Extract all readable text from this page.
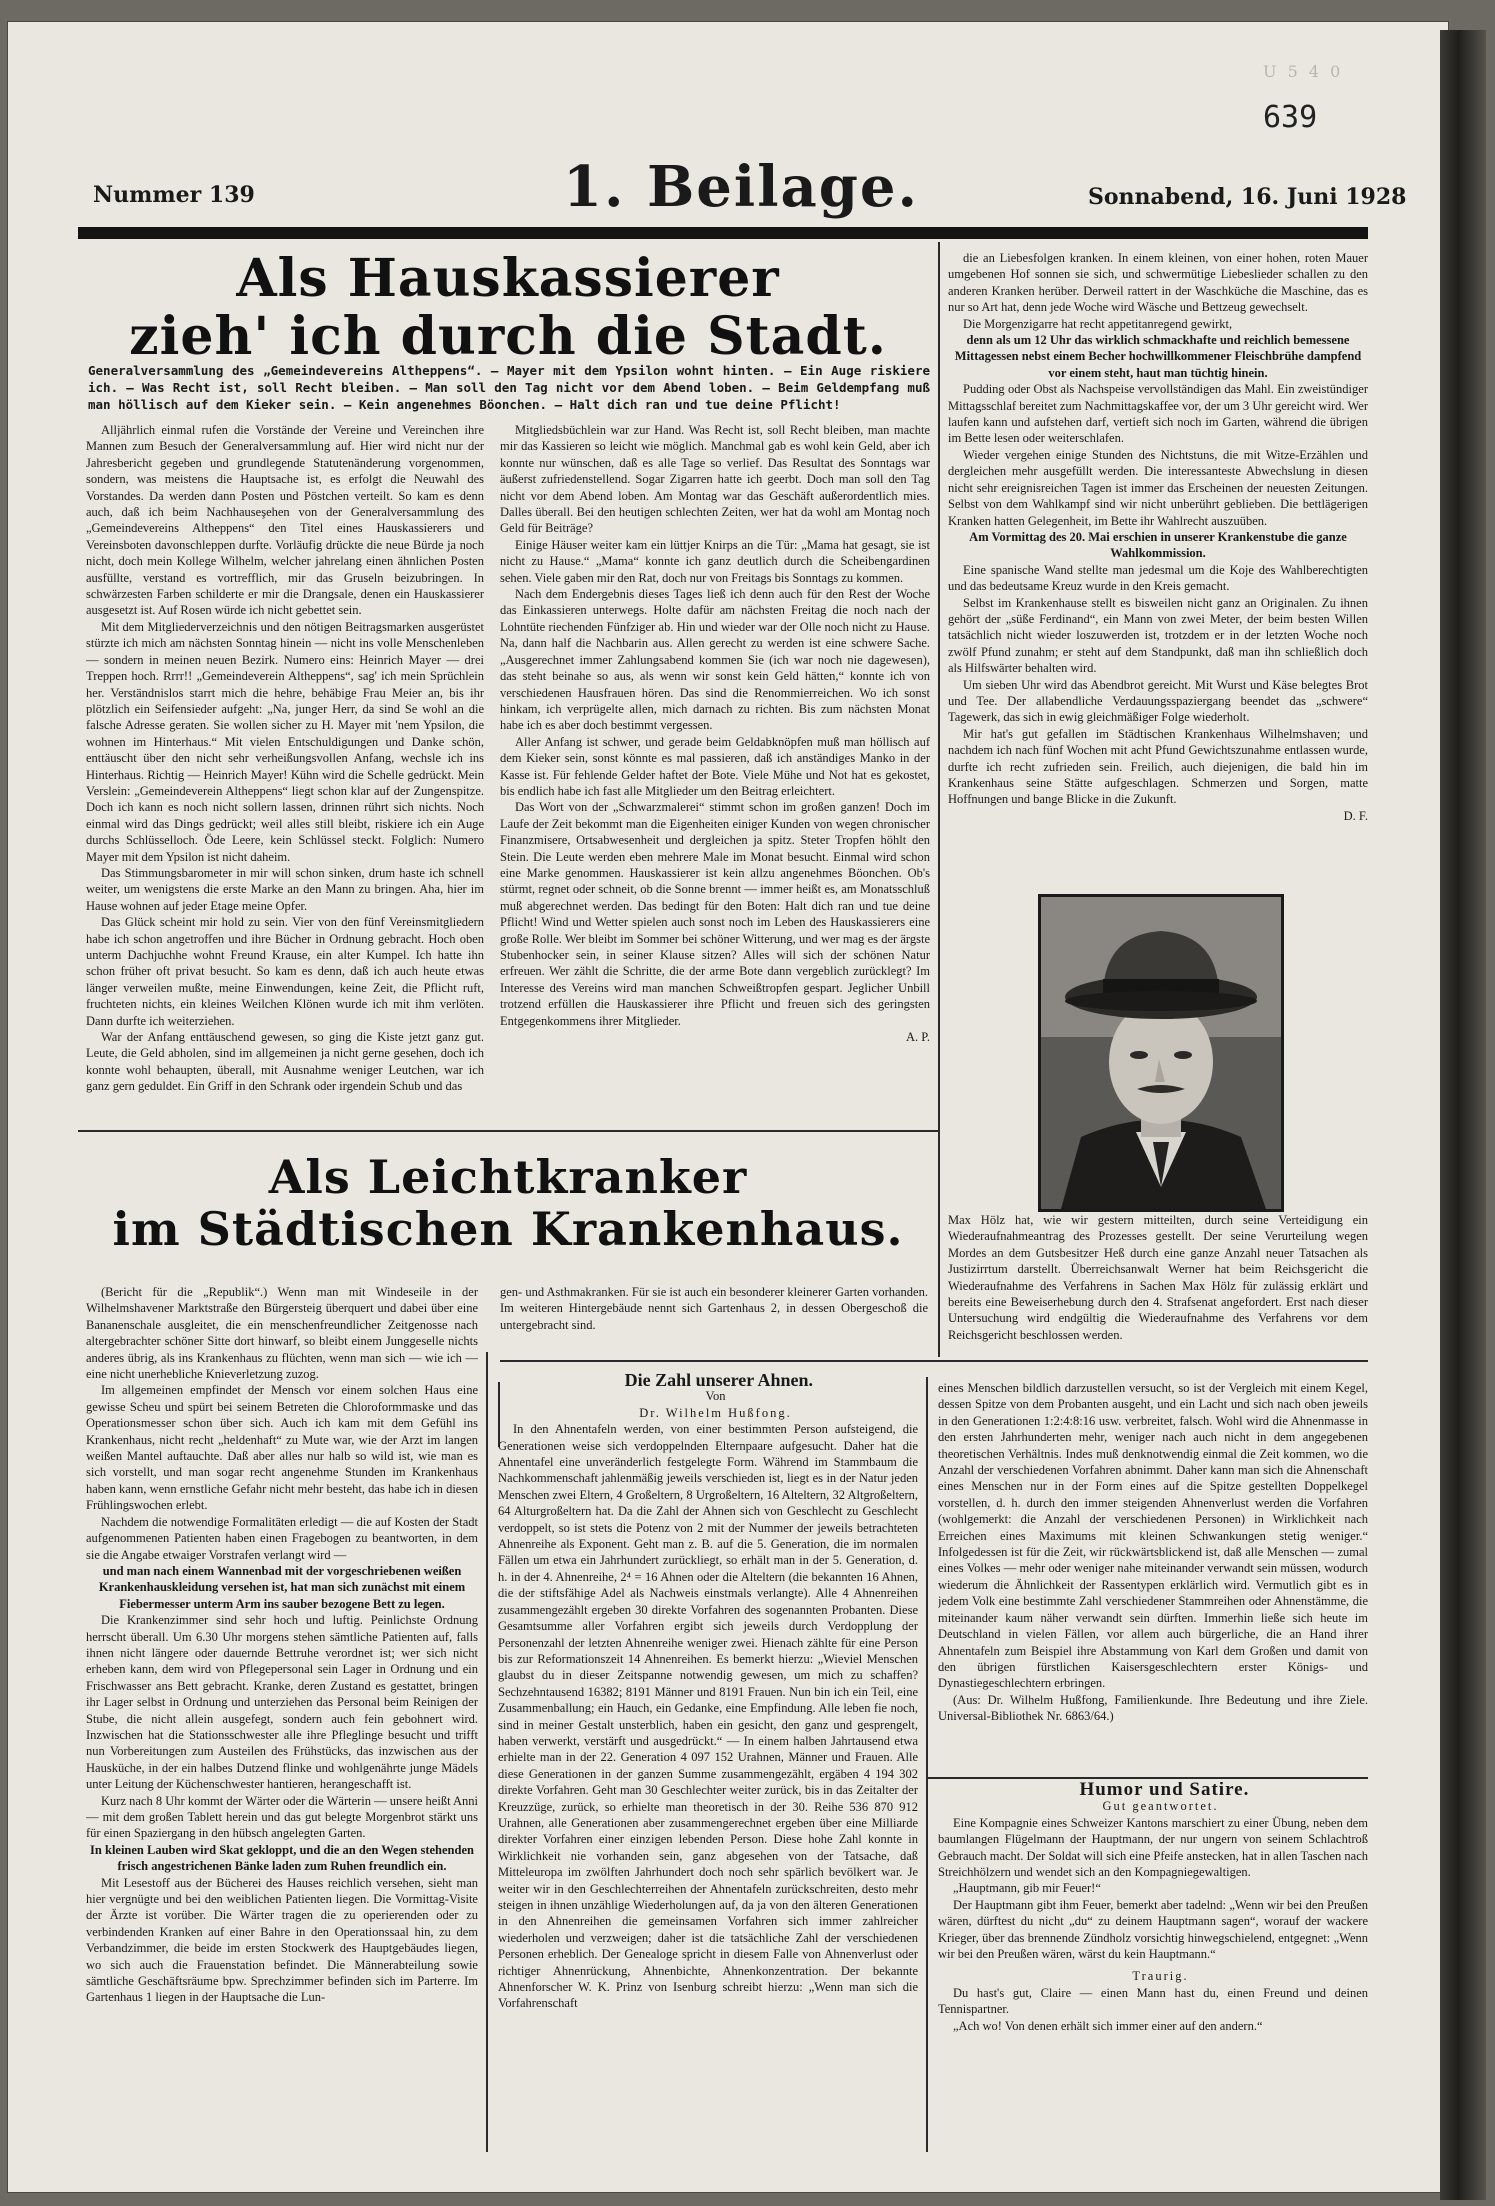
U 5 4 0
639
Nummer 139	1. Beilage.	Sonnabend, 16. Juni 1928
Als Hauskassierer
zieh' ich durch die Stadt.
Generalversammlung des „Gemeindevereins Altheppens“. — Mayer mit dem Ypsilon wohnt hinten. — Ein Auge riskiere ich. — Was Recht ist, soll Recht bleiben. — Man soll den Tag nicht vor dem Abend loben. — Beim Geldempfang muß man höllisch auf dem Kieker sein. — Kein angenehmes Böonchen. — Halt dich ran und tue deine Pflicht!

Alljährlich einmal rufen die Vorstände der Vereine und Vereinchen ihre Mannen zum Besuch der Generalversammlung auf. Hier wird nicht nur der Jahresbericht gegeben und grundlegende Statutenänderung vorgenommen, sondern, was meistens die Hauptsache ist, es erfolgt die Neuwahl des Vorstandes. Da werden dann Posten und Pöstchen verteilt. So kam es denn auch, daß ich beim Nachhauseşehen von der Generalversammlung des „Gemeindevereins Altheppens“ den Titel eines Hauskassierers und Vereinsboten davonschleppen durfte. Vorläufig drückte die neue Bürde ja noch nicht, doch mein Kollege Wilhelm, welcher jahrelang einen ähnlichen Posten ausfüllte, verstand es vortrefflich, mir das Gruseln beizubringen. In schwärzesten Farben schilderte er mir die Drangsale, denen ein Hauskassierer ausgesetzt ist. Auf Rosen würde ich nicht gebettet sein.

Mit dem Mitgliederverzeichnis und den nötigen Beitragsmarken ausgerüstet stürzte ich mich am nächsten Sonntag hinein — nicht ins volle Menschenleben — sondern in meinen neuen Bezirk. Numero eins: Heinrich Mayer — drei Treppen hoch. Rrrr!! „Gemeindeverein Altheppens“, sag' ich mein Sprüchlein her. Verständnislos starrt mich die hehre, behäbige Frau Meier an, bis ihr plötzlich ein Seifensieder aufgeht: „Na, junger Herr, da sind Se wohl an die falsche Adresse geraten. Sie wollen sicher zu H. Mayer mit 'nem Ypsilon, die wohnen im Hinterhaus.“ Mit vielen Entschuldigungen und Danke schön, enttäuscht über den nicht sehr verheißungsvollen Anfang, wechsle ich ins Hinterhaus. Richtig — Heinrich Mayer! Kühn wird die Schelle gedrückt. Mein Verslein: „Gemeindeverein Altheppens“ liegt schon klar auf der Zungenspitze. Doch ich kann es noch nicht sollern lassen, drinnen rührt sich nichts. Noch einmal wird das Dings gedrückt; weil alles still bleibt, riskiere ich ein Auge durchs Schlüsselloch. Öde Leere, kein Schlüssel steckt. Folglich: Numero Mayer mit dem Ypsilon ist nicht daheim.

Das Stimmungsbarometer in mir will schon sinken, drum haste ich schnell weiter, um wenigstens die erste Marke an den Mann zu bringen. Aha, hier im Hause wohnen auf jeder Etage meine Opfer.

Das Glück scheint mir hold zu sein. Vier von den fünf Vereinsmitgliedern habe ich schon angetroffen und ihre Bücher in Ordnung gebracht. Hoch oben unterm Dachjuchhe wohnt Freund Krause, ein alter Kumpel. Ich hatte ihn schon früher oft privat besucht. So kam es denn, daß ich auch heute etwas länger verweilen mußte, meine Einwendungen, keine Zeit, die Pflicht ruft, fruchteten nichts, ein kleines Weilchen Klönen wurde ich mit ihm verlöten. Dann durfte ich weiterziehen.

War der Anfang enttäuschend gewesen, so ging die Kiste jetzt ganz gut. Leute, die Geld abholen, sind im allgemeinen ja nicht gerne gesehen, doch ich konnte wohl behaupten, überall, mit Ausnahme weniger Leutchen, war ich ganz gern geduldet. Ein Griff in den Schrank oder irgendein Schub und das

Mitgliedsbüchlein war zur Hand. Was Recht ist, soll Recht bleiben, man machte mir das Kassieren so leicht wie möglich. Manchmal gab es wohl kein Geld, aber ich konnte nur wünschen, daß es alle Tage so verlief. Das Resultat des Sonntags war äußerst zufriedenstellend. Sogar Zigarren hatte ich geerbt. Doch man soll den Tag nicht vor dem Abend loben. Am Montag war das Geschäft außerordentlich mies. Dalles überall. Bei den heutigen schlechten Zeiten, wer hat da wohl am Montag noch Geld für Beiträge?

Einige Häuser weiter kam ein lüttjer Knirps an die Tür: „Mama hat gesagt, sie ist nicht zu Hause.“ „Mama“ konnte ich ganz deutlich durch die Scheibengardinen sehen. Viele gaben mir den Rat, doch nur von Freitags bis Sonntags zu kommen.

Nach dem Endergebnis dieses Tages ließ ich denn auch für den Rest der Woche das Einkassieren unterwegs. Holte dafür am nächsten Freitag die noch nach der Lohntüte riechenden Fünfziger ab. Hin und wieder war der Olle noch nicht zu Hause. Na, dann half die Nachbarin aus. Allen gerecht zu werden ist eine schwere Sache. „Ausgerechnet immer Zahlungsabend kommen Sie (ich war noch nie dagewesen), das steht beinahe so aus, als wenn wir sonst kein Geld hätten,“ konnte ich von verschiedenen Hausfrauen hören. Das sind die Renommierreichen. Wo ich sonst hinkam, ich verprügelte allen, mich darnach zu richten. Bis zum nächsten Monat habe ich es aber doch bestimmt vergessen.

Aller Anfang ist schwer, und gerade beim Geldabknöpfen muß man höllisch auf dem Kieker sein, sonst könnte es mal passieren, daß ich anständiges Manko in der Kasse ist. Für fehlende Gelder haftet der Bote. Viele Mühe und Not hat es gekostet, bis endlich habe ich fast alle Mitglieder um den Beitrag erleichtert.

Das Wort von der „Schwarzmalerei“ stimmt schon im großen ganzen! Doch im Laufe der Zeit bekommt man die Eigenheiten einiger Kunden von wegen chronischer Finanzmisere, Ortsabwesenheit und dergleichen ja spitz. Steter Tropfen höhlt den Stein. Die Leute werden eben mehrere Male im Monat besucht. Einmal wird schon eine Marke genommen. Hauskassierer ist kein allzu angenehmes Böonchen. Ob's stürmt, regnet oder schneit, ob die Sonne brennt — immer heißt es, am Monatsschluß muß abgerechnet werden. Das bedingt für den Boten: Halt dich ran und tue deine Pflicht! Wind und Wetter spielen auch sonst noch im Leben des Hauskassierers eine große Rolle. Wer bleibt im Sommer bei schöner Witterung, und wer mag es der ärgste Stubenhocker sein, in seiner Klause sitzen? Alles will sich der schönen Natur erfreuen. Wer zählt die Schritte, die der arme Bote dann vergeblich zurücklegt? Im Interesse des Vereins wird man manchen Schweißtropfen gespart. Jeglicher Unbill trotzend erfüllen die Hauskassierer ihre Pflicht und freuen sich des geringsten Entgegenkommens ihrer Mitglieder.

A. P.

die an Liebesfolgen kranken. In einem kleinen, von einer hohen, roten Mauer umgebenen Hof sonnen sie sich, und schwermütige Liebeslieder schallen zu den anderen Kranken herüber. Derweil rattert in der Waschküche die Maschine, das es nur so Art hat, denn jede Woche wird Wäsche und Bettzeug gewechselt.

Die Morgenzigarre hat recht appetitanregend gewirkt,

denn als um 12 Uhr das wirklich schmackhafte und reichlich bemessene Mittagessen nebst einem Becher hochwillkommener Fleischbrühe dampfend vor einem steht, haut man tüchtig hinein.

Pudding oder Obst als Nachspeise vervollständigen das Mahl. Ein zweistündiger Mittagsschlaf bereitet zum Nachmittagskaffee vor, der um 3 Uhr gereicht wird. Wer laufen kann und aufstehen darf, vertieft sich noch im Garten, während die übrigen im Bette lesen oder weiterschlafen.

Wieder vergehen einige Stunden des Nichtstuns, die mit Witze-Erzählen und dergleichen mehr ausgefüllt werden. Die interessanteste Abwechslung in diesen nicht sehr ereignisreichen Tagen ist immer das Erscheinen der neuesten Zeitungen. Selbst von dem Wahlkampf sind wir nicht unberührt geblieben. Die bettlägerigen Kranken hatten Gelegenheit, im Bette ihr Wahlrecht auszuüben.

Am Vormittag des 20. Mai erschien in unserer Krankenstube die ganze Wahlkommission.

Eine spanische Wand stellte man jedesmal um die Koje des Wahlberechtigten und das bedeutsame Kreuz wurde in den Kreis gemacht.

Selbst im Krankenhause stellt es bisweilen nicht ganz an Originalen. Zu ihnen gehört der „süße Ferdinand“, ein Mann von zwei Meter, der beim besten Willen tatsächlich nicht wieder loszuwerden ist, trotzdem er in der letzten Woche noch zwölf Pfund zunahm; er steht auf dem Standpunkt, daß man ihn schließlich doch als Hilfswärter behalten wird.

Um sieben Uhr wird das Abendbrot gereicht. Mit Wurst und Käse belegtes Brot und Tee. Der allabendliche Verdauungsspaziergang beendet das „schwere“ Tagewerk, das sich in ewig gleichmäßiger Folge wiederholt.

Mir hat's gut gefallen im Städtischen Krankenhaus Wilhelmshaven; und nachdem ich nach fünf Wochen mit acht Pfund Gewichtszunahme entlassen wurde, durfte ich recht zufrieden sein. Freilich, auch diejenigen, die bald hin im Krankenhaus seine Stätte aufgeschlagen. Schmerzen und Sorgen, matte Hoffnungen und bange Blicke in die Zukunft.

D. F.

Max Hölz hat, wie wir gestern mitteilten, durch seine Verteidigung ein Wiederaufnahmeantrag des Prozesses gestellt. Der seine Verurteilung wegen Mordes an dem Gutsbesitzer Heß durch eine ganze Anzahl neuer Tatsachen als Justizirrtum darstellt. Überreichsanwalt Werner hat beim Reichsgericht die Wiederaufnahme des Verfahrens in Sachen Max Hölz für zulässig erklärt und bereits eine Beweiserhebung durch den 4. Strafsenat angefordert. Erst nach dieser Untersuchung wird endgültig die Wiederaufnahme des Verfahrens vor dem Reichsgericht beschlossen werden.

Als Leichtkranker
im Städtischen Krankenhaus.

(Bericht für die „Republik“.) Wenn man mit Windeseile in der Wilhelmshavener Marktstraße den Bürgersteig überquert und dabei über eine Bananenschale ausgleitet, die ein menschenfreundlicher Zeitgenosse nach altergebrachter schöner Sitte dort hinwarf, so bleibt einem Junggeselle nichts anderes übrig, als ins Krankenhaus zu flüchten, wenn man sich — wie ich — eine nicht unerhebliche Knieverletzung zuzog.

Im allgemeinen empfindet der Mensch vor einem solchen Haus eine gewisse Scheu und spürt bei seinem Betreten die Chloroformmaske und das Operationsmesser schon über sich. Auch ich kam mit dem Gefühl ins Krankenhaus, nicht recht „heldenhaft“ zu Mute war, wie der Arzt im langen weißen Mantel auftauchte. Daß aber alles nur halb so wild ist, wie man es sich vorstellt, und man sogar recht angenehme Stunden im Krankenhaus haben kann, wenn ernstliche Gefahr nicht mehr besteht, das habe ich in diesen Frühlingswochen erlebt.

Nachdem die notwendige Formalitäten erledigt — die auf Kosten der Stadt aufgenommenen Patienten haben einen Fragebogen zu beantworten, in dem sie die Angabe etwaiger Vorstrafen verlangt wird —

und man nach einem Wannenbad mit der vorgeschriebenen weißen Krankenhauskleidung versehen ist, hat man sich zunächst mit einem Fiebermesser unterm Arm ins sauber bezogene Bett zu legen.

Die Krankenzimmer sind sehr hoch und luftig. Peinlichste Ordnung herrscht überall. Um 6.30 Uhr morgens stehen sämtliche Patienten auf, falls ihnen nicht längere oder dauernde Bettruhe verordnet ist; wer sich nicht erheben kann, dem wird von Pflegepersonal sein Lager in Ordnung und ein Frischwasser ans Bett gebracht. Kranke, deren Zustand es gestattet, bringen ihr Lager selbst in Ordnung und unterziehen das Personal beim Reinigen der Stube, die nicht allein ausgefegt, sondern auch fein gebohnert wird. Inzwischen hat die Stationsschwester alle ihre Pfleglinge besucht und trifft nun Vorbereitungen zum Austeilen des Frühstücks, das inzwischen aus der Hausküche, in der ein halbes Dutzend flinke und wohlgenährte junge Mädels unter Leitung der Küchenschwester hantieren, herangeschafft ist.

Kurz nach 8 Uhr kommt der Wärter oder die Wärterin — unsere heißt Anni — mit dem großen Tablett herein und das gut belegte Morgenbrot stärkt uns für einen Spaziergang in den hübsch angelegten Garten.

In kleinen Lauben wird Skat gekloppt, und die an den Wegen stehenden frisch angestrichenen Bänke laden zum Ruhen freundlich ein.

Mit Lesestoff aus der Bücherei des Hauses reichlich versehen, sieht man hier vergnügte und bei den weiblichen Patienten liegen. Die Vormittag-Visite der Ärzte ist vorüber. Die Wärter tragen die zu operierenden oder zu verbindenden Kranken auf einer Bahre in den Operationssaal hin, zu dem Verbandzimmer, die beide im ersten Stockwerk des Hauptgebäudes liegen, wo sich auch die Frauenstation befindet. Die Männerabteilung sowie sämtliche Geschäftsräume bpw. Sprechzimmer befinden sich im Parterre. Im Gartenhaus 1 liegen in der Hauptsache die Lun-

gen- und Asthmakranken. Für sie ist auch ein besonderer kleinerer Garten vorhanden. Im weiteren Hintergebäude nennt sich Gartenhaus 2, in dessen Obergeschoß die untergebracht sind.

Die Zahl unserer Ahnen.

Von

Dr. Wilhelm Hußfong.

In den Ahnentafeln werden, von einer bestimmten Person aufsteigend, die Generationen weise sich verdoppelnden Elternpaare aufgesucht. Daher hat die Ahnentafel eine unveränderlich festgelegte Form. Während im Stammbaum die Nachkommenschaft jahlenmäßig jeweils verschieden ist, liegt es in der Natur jeden Menschen zwei Eltern, 4 Großeltern, 8 Urgroßeltern, 16 Alteltern, 32 Altgroßeltern, 64 Alturgroßeltern hat. Da die Zahl der Ahnen sich von Geschlecht zu Geschlecht verdoppelt, so ist stets die Potenz von 2 mit der Nummer der jeweils betrachteten Ahnenreihe als Exponent. Geht man z. B. auf die 5. Generation, die im normalen Fällen um etwa ein Jahrhundert zurückliegt, so erhält man in der 5. Generation, d. h. in der 4. Ahnenreihe, 2⁴ = 16 Ahnen oder die Alteltern (die bekannten 16 Ahnen, die der stiftsfähige Adel als Nachweis einstmals verlangte). Alle 4 Ahnenreihen zusammengezählt ergeben 30 direkte Vorfahren des sogenannten Probanten. Diese Gesamtsumme aller Vorfahren ergibt sich jeweils durch Verdopplung der Personenzahl der letzten Ahnenreihe weniger zwei. Hienach zählte für eine Person bis zur Reformationszeit 14 Ahnenreihen. Es bemerkt hierzu: „Wieviel Menschen glaubst du in dieser Zeitspanne notwendig gewesen, um mich zu schaffen? Sechzehntausend 16382; 8191 Männer und 8191 Frauen. Nun bin ich ein Teil, eine Zusammenballung; ein Hauch, ein Gedanke, eine Empfindung. Alle leben fie noch, sind in meiner Gestalt unsterblich, haben ein gesicht, den ganz und gesprengelt, haben verwerkt, verstärft und ausgedrückt.“ — In einem halben Jahrtausend etwa erhielte man in der 22. Generation 4 097 152 Urahnen, Männer und Frauen. Alle diese Generationen in der ganzen Summe zusammengezählt, ergäben 4 194 302 direkte Vorfahren. Geht man 30 Geschlechter weiter zurück, bis in das Zeitalter der Kreuzzüge, zurück, so erhielte man theoretisch in der 30. Reihe 536 870 912 Urahnen, alle Generationen aber zusammengerechnet ergeben über eine Milliarde direkter Vorfahren einer einzigen lebenden Person. Diese hohe Zahl konnte in Wirklichkeit nie vorhanden sein, ganz abgesehen von der Tatsache, daß Mitteleuropa im zwölften Jahrhundert doch noch sehr spärlich bevölkert war. Je weiter wir in den Geschlechterreihen der Ahnentafeln zurückschreiten, desto mehr steigen in ihnen unzählige Wiederholungen auf, da ja von den älteren Generationen in den Ahnenreihen die gemeinsamen Vorfahren sich immer zahlreicher wiederholen und verzweigen; daher ist die tatsächliche Zahl der verschiedenen Personen erheblich. Der Genealoge spricht in diesem Falle von Ahnenverlust oder richtiger Ahnenrückung, Ahnenbichte, Ahnenkonzentration. Der bekannte Ahnenforscher W. K. Prinz von Isenburg schreibt hierzu: „Wenn man sich die Vorfahrenschaft

eines Menschen bildlich darzustellen versucht, so ist der Vergleich mit einem Kegel, dessen Spitze von dem Probanten ausgeht, und ein Lacht und sich nach oben jeweils in den Generationen 1:2:4:8:16 usw. verbreitet, falsch. Wohl wird die Ahnenmasse in den ersten Jahrhunderten mehr, weniger nach auch nicht in dem angegebenen theoretischen Verhältnis. Indes muß denknotwendig einmal die Zeit kommen, wo die Anzahl der verschiedenen Vorfahren abnimmt. Daher kann man sich die Ahnenschaft eines Menschen nur in der Form eines auf die Spitze gestellten Doppelkegel vorstellen, d. h. durch den immer steigenden Ahnenverlust werden die Vorfahren (wohlgemerkt: die Anzahl der verschiedenen Personen) in Wirklichkeit nach Erreichen eines Maximums mit kleinen Schwankungen stetig weniger.“ Infolgedessen ist für die Zeit, wir rückwärtsblickend ist, daß alle Menschen — zumal eines Volkes — mehr oder weniger nahe miteinander verwandt sein müssen, wodurch wiederum die Ähnlichkeit der Rassentypen erklärlich wird. Vermutlich gibt es in jedem Volk eine bestimmte Zahl verschiedener Stammreihen oder Ahnenstämme, die miteinander kaum näher verwandt sein dürften. Immerhin ließe sich heute im Deutschland in vielen Fällen, vor allem auch bürgerliche, die an Hand ihrer Ahnentafeln zum Beispiel ihre Abstammung von Karl dem Großen und damit von den übrigen fürstlichen Kaisersgeschlechtern erster Königs- und Dynastiegeschlechtern erbringen.

(Aus: Dr. Wilhelm Hußfong, Familienkunde. Ihre Bedeutung und ihre Ziele. Universal-Bibliothek Nr. 6863/64.)

Humor und Satire.

Gut geantwortet.

Eine Kompagnie eines Schweizer Kantons marschiert zu einer Übung, neben dem baumlangen Flügelmann der Hauptmann, der nur ungern von seinem Schlachtroß Gebrauch macht. Der Soldat will sich eine Pfeife anstecken, hat in allen Taschen nach Streichhölzern und wendet sich an den Kompagniegewaltigen.

„Hauptmann, gib mir Feuer!“

Der Hauptmann gibt ihm Feuer, bemerkt aber tadelnd: „Wenn wir bei den Preußen wären, dürftest du nicht „du“ zu deinem Hauptmann sagen“, worauf der wackere Krieger, über das brennende Zündholz vorsichtig hinwegschielend, entgegnet: „Wenn wir bei den Preußen wären, wärst du kein Hauptmann.“

Traurig.

Du hast's gut, Claire — einen Mann hast du, einen Freund und deinen Tennispartner.

„Ach wo! Von denen erhält sich immer einer auf den andern.“
